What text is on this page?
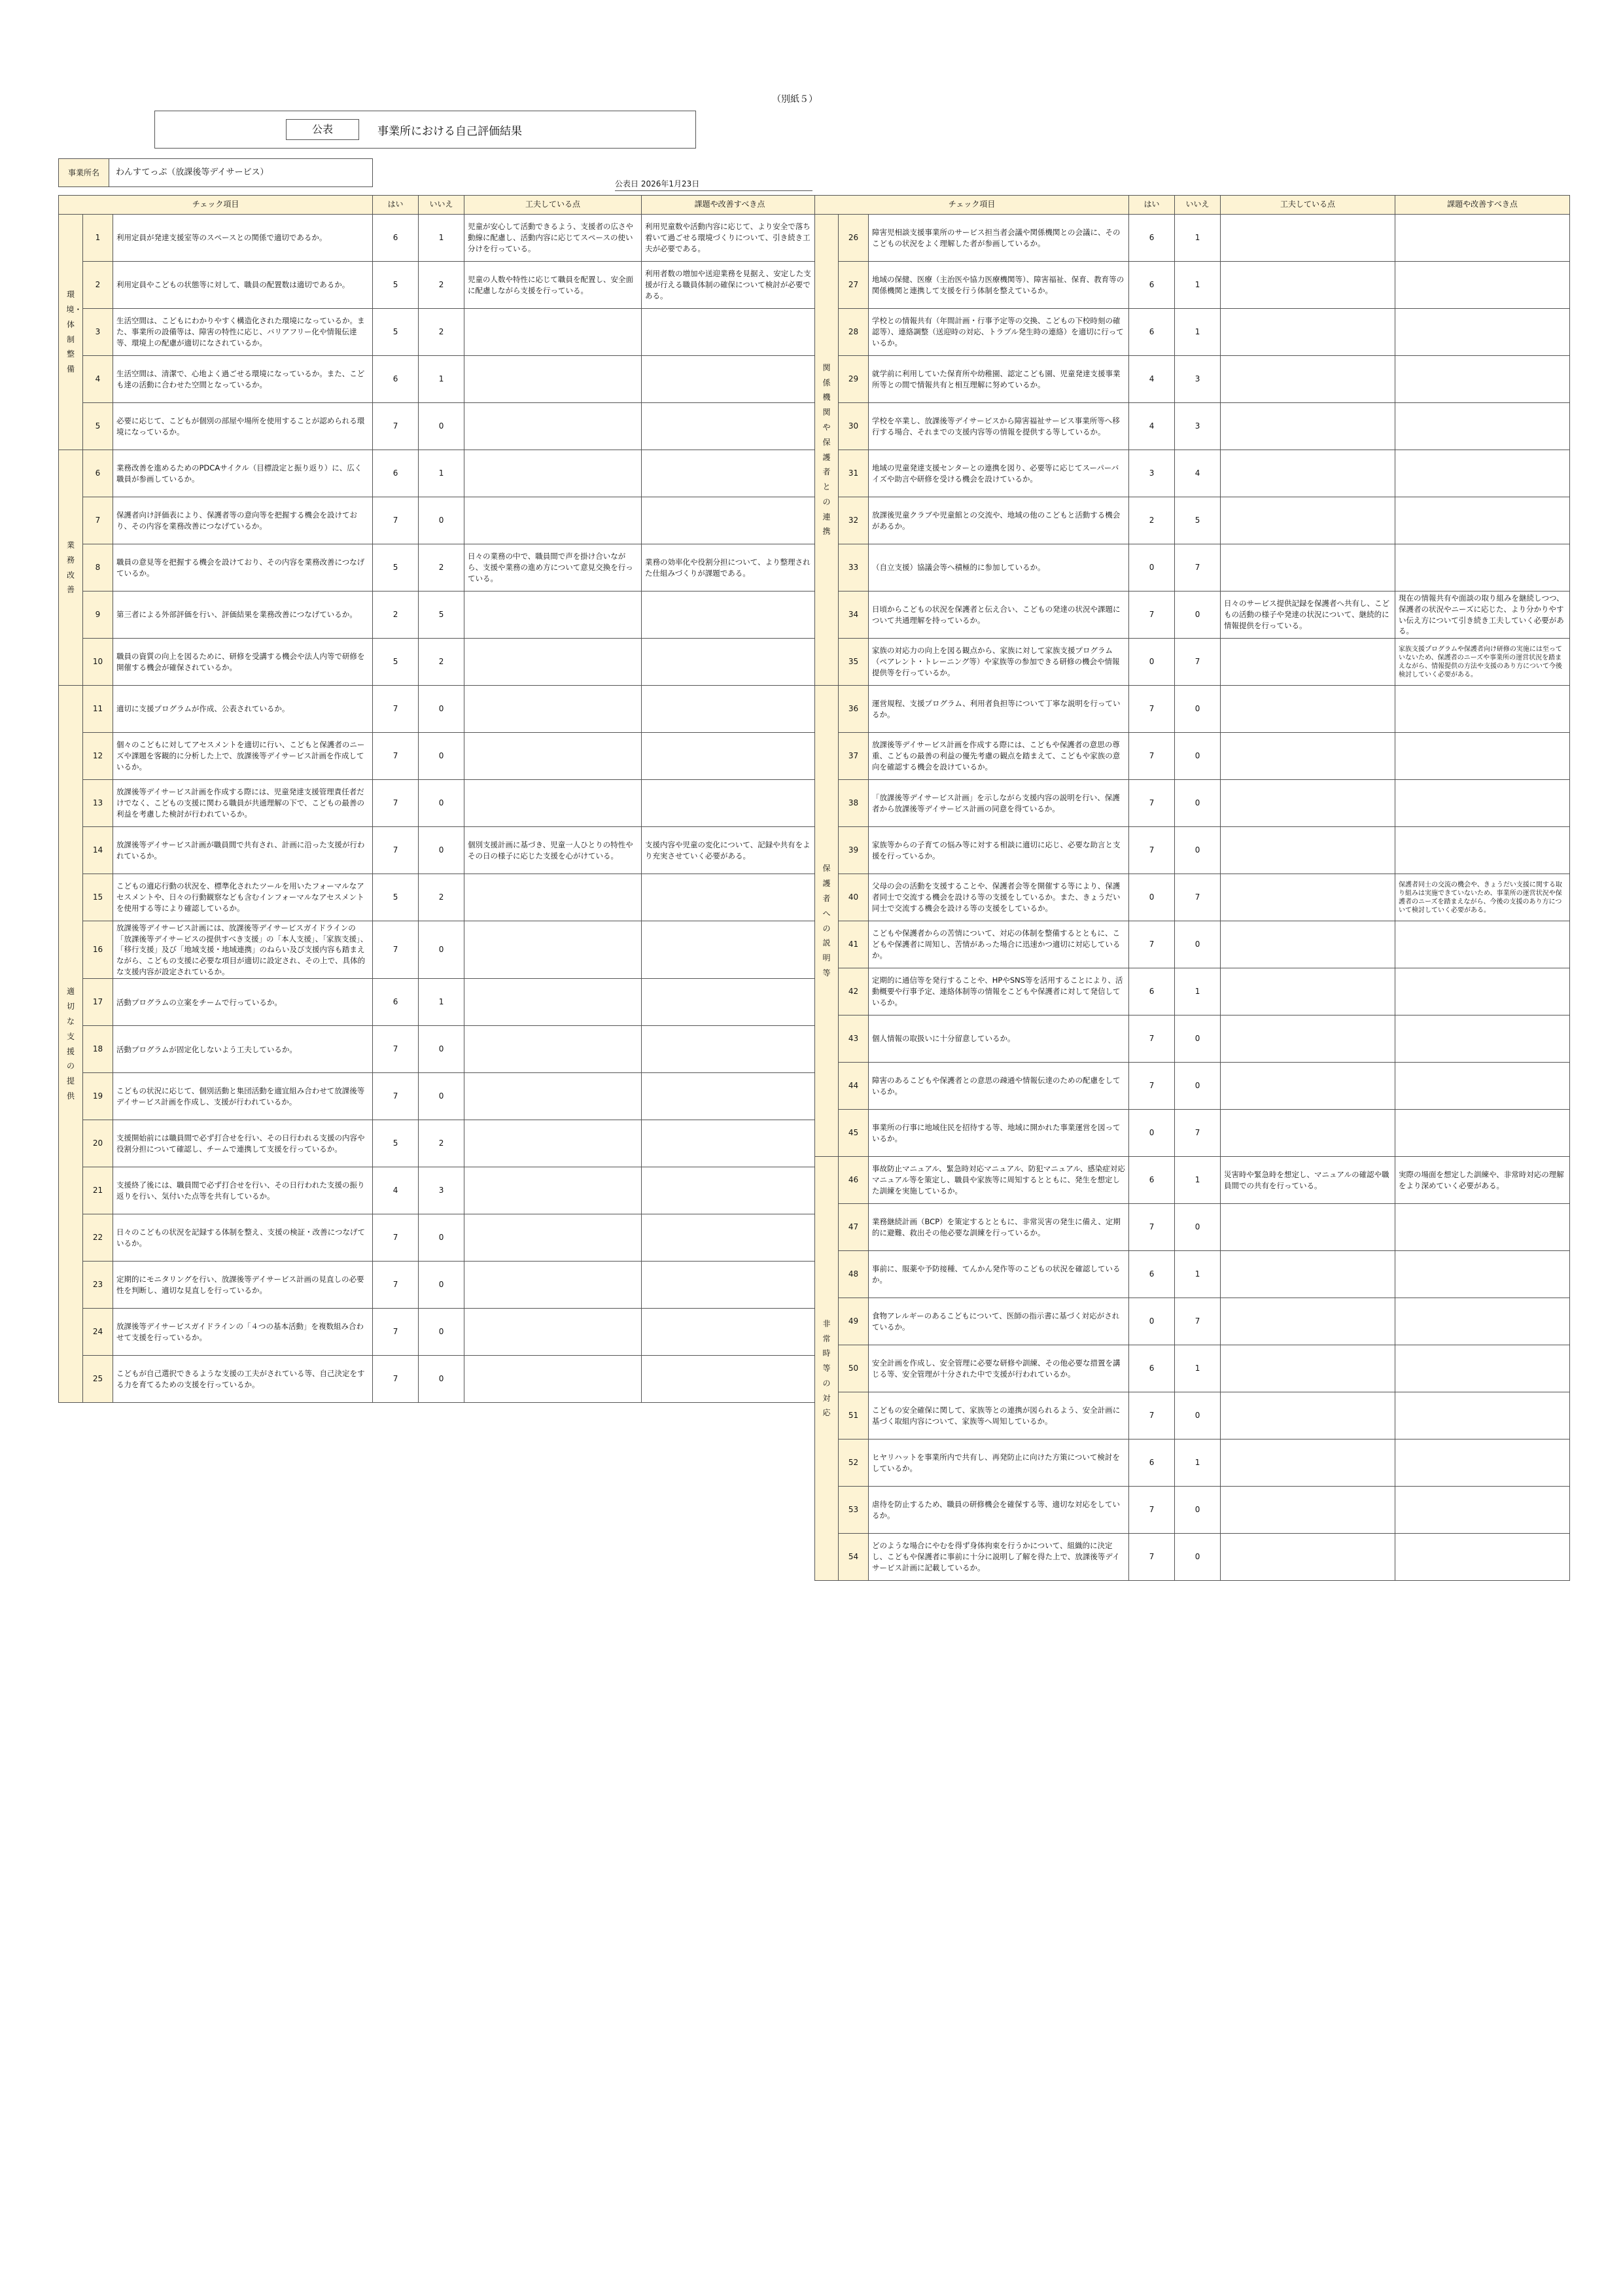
（別紙５）
公表	事業所における自己評価結果
事業所名	わんすてっぷ（放課後等デイサービス）
公表日 2026年1月23日
チェック項目			はい	いいえ	工夫している点	課題や改善すべき点
環境・体制整備	1	利用定員が発達支援室等のスペースとの関係で適切であるか。	6	1	児童が安心して活動できるよう、支援者の広さや動線に配慮し、活動内容に応じてスペースの使い分けを行っている。	利用児童数や活動内容に応じて、より安全で落ち着いて過ごせる環境づくりについて、引き続き工夫が必要である。
	2	利用定員やこどもの状態等に対して、職員の配置数は適切であるか。	5	2	児童の人数や特性に応じて職員を配置し、安全面に配慮しながら支援を行っている。	利用者数の増加や送迎業務を見据え、安定した支援が行える職員体制の確保について検討が必要である。
	3	生活空間は、こどもにわかりやすく構造化された環境になっているか。また、事業所の設備等は、障害の特性に応じ、バリアフリー化や情報伝達等、環境上の配慮が適切になされているか。	5	2		
	4	生活空間は、清潔で、心地よく過ごせる環境になっているか。また、こども達の活動に合わせた空間となっているか。	6	1		
	5	必要に応じて、こどもが個別の部屋や場所を使用することが認められる環境になっているか。	7	0		
業務改善	6	業務改善を進めるためのPDCAサイクル（目標設定と振り返り）に、広く職員が参画しているか。	6	1		
	7	保護者向け評価表により、保護者等の意向等を把握する機会を設けており、その内容を業務改善につなげているか。	7	0		
	8	職員の意見等を把握する機会を設けており、その内容を業務改善につなげているか。	5	2	日々の業務の中で、職員間で声を掛け合いながら、支援や業務の進め方について意見交換を行っている。	業務の効率化や役割分担について、より整理された仕組みづくりが課題である。
	9	第三者による外部評価を行い、評価結果を業務改善につなげているか。	2	5		
	10	職員の資質の向上を図るために、研修を受講する機会や法人内等で研修を開催する機会が確保されているか。	5	2		
適切な支援の提供	11	適切に支援プログラムが作成、公表されているか。	7	0		
	12	個々のこどもに対してアセスメントを適切に行い、こどもと保護者のニーズや課題を客観的に分析した上で、放課後等デイサービス計画を作成しているか。	7	0		
	13	放課後等デイサービス計画を作成する際には、児童発達支援管理責任者だけでなく、こどもの支援に関わる職員が共通理解の下で、こどもの最善の利益を考慮した検討が行われているか。	7	0		
	14	放課後等デイサービス計画が職員間で共有され、計画に沿った支援が行われているか。	7	0	個別支援計画に基づき、児童一人ひとりの特性やその日の様子に応じた支援を心がけている。	支援内容や児童の変化について、記録や共有をより充実させていく必要がある。
	15	こどもの適応行動の状況を、標準化されたツールを用いたフォーマルなアセスメントや、日々の行動観察なども含むインフォーマルなアセスメントを使用する等により確認しているか。	5	2		
	16	放課後等デイサービス計画には、放課後等デイサービスガイドラインの「放課後等デイサービスの提供すべき支援」の「本人支援」、「家族支援」、「移行支援」及び「地域支援・地域連携」のねらい及び支援内容も踏まえながら、こどもの支援に必要な項目が適切に設定され、その上で、具体的な支援内容が設定されているか。	7	0		
	17	活動プログラムの立案をチームで行っているか。	6	1		
	18	活動プログラムが固定化しないよう工夫しているか。	7	0		
	19	こどもの状況に応じて、個別活動と集団活動を適宜組み合わせて放課後等デイサービス計画を作成し、支援が行われているか。	7	0		
	20	支援開始前には職員間で必ず打合せを行い、その日行われる支援の内容や役割分担について確認し、チームで連携して支援を行っているか。	5	2		
	21	支援終了後には、職員間で必ず打合せを行い、その日行われた支援の振り返りを行い、気付いた点等を共有しているか。	4	3		
	22	日々のこどもの状況を記録する体制を整え、支援の検証・改善につなげているか。	7	0		
	23	定期的にモニタリングを行い、放課後等デイサービス計画の見直しの必要性を判断し、適切な見直しを行っているか。	7	0		
	24	放課後等デイサービスガイドラインの「４つの基本活動」を複数組み合わせて支援を行っているか。	7	0		
	25	こどもが自己選択できるような支援の工夫がされている等、自己決定をする力を育てるための支援を行っているか。	7	0		
チェック項目			はい	いいえ	工夫している点	課題や改善すべき点
関係機関や保護者との連携	26	障害児相談支援事業所のサービス担当者会議や関係機関との会議に、そのこどもの状況をよく理解した者が参画しているか。	6	1		
	27	地域の保健、医療（主治医や協力医療機関等）、障害福祉、保育、教育等の関係機関と連携して支援を行う体制を整えているか。	6	1		
	28	学校との情報共有（年間計画・行事予定等の交換、こどもの下校時刻の確認等）、連絡調整（送迎時の対応、トラブル発生時の連絡）を適切に行っているか。	6	1		
	29	就学前に利用していた保育所や幼稚園、認定こども園、児童発達支援事業所等との間で情報共有と相互理解に努めているか。	4	3		
	30	学校を卒業し、放課後等デイサービスから障害福祉サービス事業所等へ移行する場合、それまでの支援内容等の情報を提供する等しているか。	4	3		
	31	地域の児童発達支援センターとの連携を図り、必要等に応じてスーパーバイズや助言や研修を受ける機会を設けているか。	3	4		
	32	放課後児童クラブや児童館との交流や、地域の他のこどもと活動する機会があるか。	2	5		
	33	（自立支援）協議会等へ積極的に参加しているか。	0	7		
	34	日頃からこどもの状況を保護者と伝え合い、こどもの発達の状況や課題について共通理解を持っているか。	7	0	日々のサービス提供記録を保護者へ共有し、こどもの活動の様子や発達の状況について、継続的に情報提供を行っている。	現在の情報共有や面談の取り組みを継続しつつ、保護者の状況やニーズに応じた、より分かりやすい伝え方について引き続き工夫していく必要がある。
	35	家族の対応力の向上を図る観点から、家族に対して家族支援プログラム（ペアレント・トレーニング等）や家族等の参加できる研修の機会や情報提供等を行っているか。	0	7		家族支援プログラムや保護者向け研修の実施には至っていないため、保護者のニーズや事業所の運営状況を踏まえながら、情報提供の方法や支援のあり方について今後検討していく必要がある。
保護者への説明等	36	運営規程、支援プログラム、利用者負担等について丁寧な説明を行っているか。	7	0		
	37	放課後等デイサービス計画を作成する際には、こどもや保護者の意思の尊重、こどもの最善の利益の優先考慮の観点を踏まえて、こどもや家族の意向を確認する機会を設けているか。	7	0		
	38	「放課後等デイサービス計画」を示しながら支援内容の説明を行い、保護者から放課後等デイサービス計画の同意を得ているか。	7	0		
	39	家族等からの子育ての悩み等に対する相談に適切に応じ、必要な助言と支援を行っているか。	7	0		
	40	父母の会の活動を支援することや、保護者会等を開催する等により、保護者同士で交流する機会を設ける等の支援をしているか。また、きょうだい同士で交流する機会を設ける等の支援をしているか。	0	7		保護者同士の交流の機会や、きょうだい支援に関する取り組みは実施できていないため、事業所の運営状況や保護者のニーズを踏まえながら、今後の支援のあり方について検討していく必要がある。
	41	こどもや保護者からの苦情について、対応の体制を整備するとともに、こどもや保護者に周知し、苦情があった場合に迅速かつ適切に対応しているか。	7	0		
	42	定期的に通信等を発行することや、HPやSNS等を活用することにより、活動概要や行事予定、連絡体制等の情報をこどもや保護者に対して発信しているか。	6	1		
	43	個人情報の取扱いに十分留意しているか。	7	0		
	44	障害のあるこどもや保護者との意思の疎通や情報伝達のための配慮をしているか。	7	0		
	45	事業所の行事に地域住民を招待する等、地域に開かれた事業運営を図っているか。	0	7		
非常時等の対応	46	事故防止マニュアル、緊急時対応マニュアル、防犯マニュアル、感染症対応マニュアル等を策定し、職員や家族等に周知するとともに、発生を想定した訓練を実施しているか。	6	1	災害時や緊急時を想定し、マニュアルの確認や職員間での共有を行っている。	実際の場面を想定した訓練や、非常時対応の理解をより深めていく必要がある。
	47	業務継続計画（BCP）を策定するとともに、非常災害の発生に備え、定期的に避難、救出その他必要な訓練を行っているか。	7	0		
	48	事前に、服薬や予防接種、てんかん発作等のこどもの状況を確認しているか。	6	1		
	49	食物アレルギーのあるこどもについて、医師の指示書に基づく対応がされているか。	0	7		
	50	安全計画を作成し、安全管理に必要な研修や訓練、その他必要な措置を講じる等、安全管理が十分された中で支援が行われているか。	6	1		
	51	こどもの安全確保に関して、家族等との連携が図られるよう、安全計画に基づく取組内容について、家族等へ周知しているか。	7	0		
	52	ヒヤリハットを事業所内で共有し、再発防止に向けた方策について検討をしているか。	6	1		
	53	虐待を防止するため、職員の研修機会を確保する等、適切な対応をしているか。	7	0		
	54	どのような場合にやむを得ず身体拘束を行うかについて、組織的に決定し、こどもや保護者に事前に十分に説明し了解を得た上で、放課後等デイサービス計画に記載しているか。	7	0		
